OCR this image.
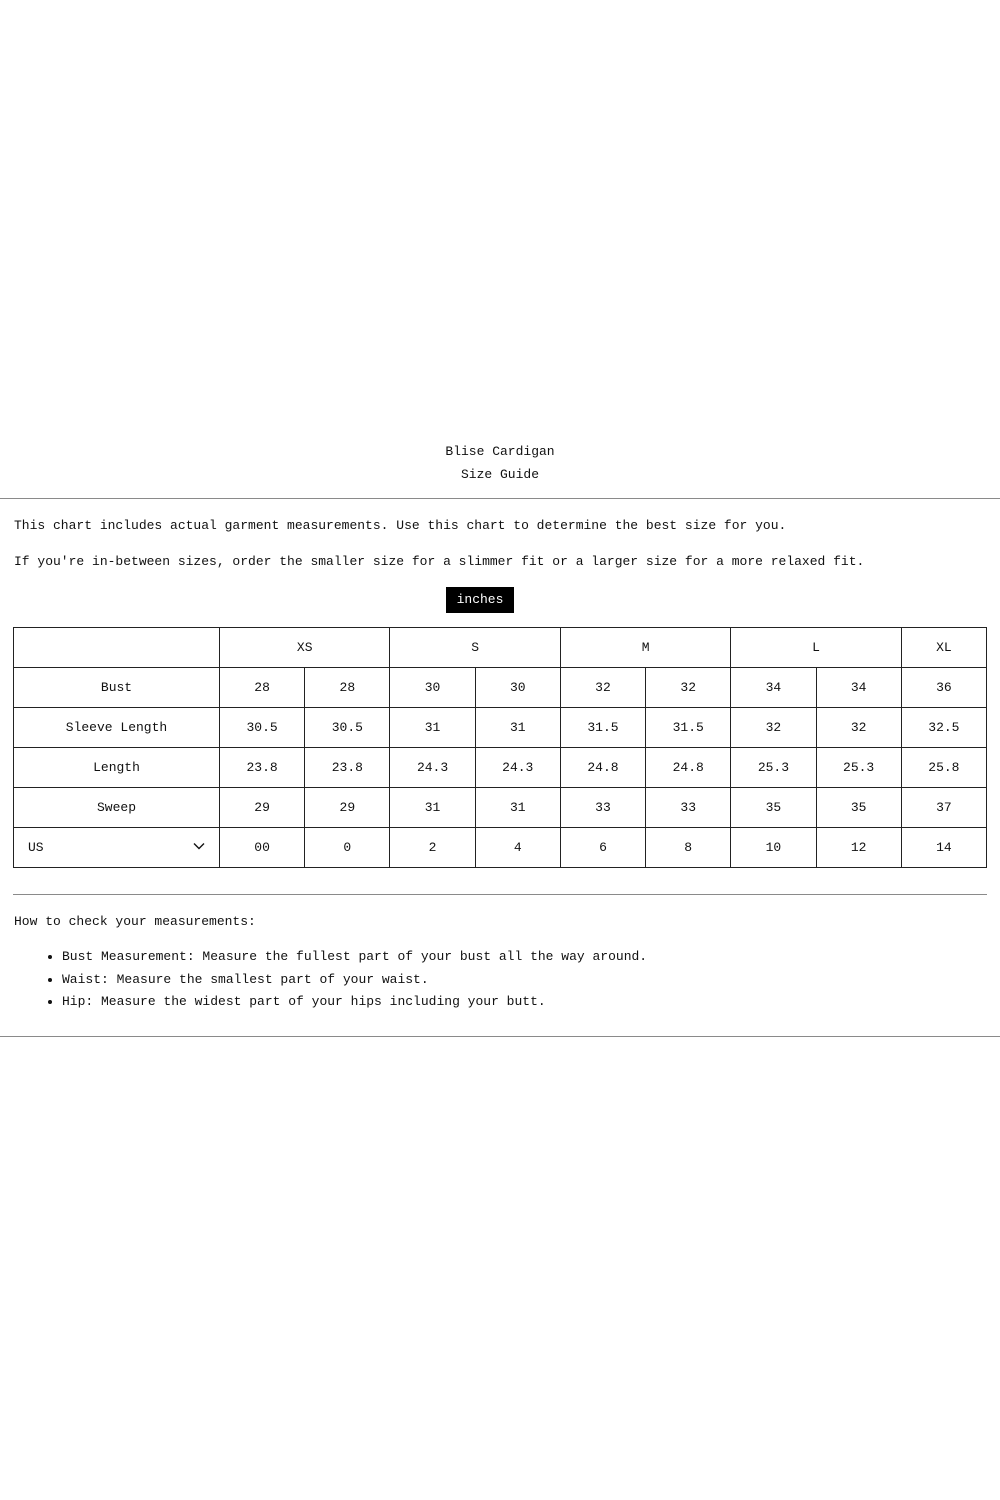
Blise Cardigan
Size Guide
This chart includes actual garment measurements. Use this chart to determine the best size for you.
If you're in-between sizes, order the smaller size for a slimmer fit or a larger size for a more relaxed fit.
inches
	XS		S		M		L		XL
Bust	28	28	30	30	32	32	34	34	36
Sleeve Length	30.5	30.5	31	31	31.5	31.5	32	32	32.5
Length	23.8	23.8	24.3	24.3	24.8	24.8	25.3	25.3	25.8
Sweep	29	29	31	31	33	33	35	35	37
US	00	0	2	4	6	8	10	12	14
How to check your measurements:
• Bust Measurement: Measure the fullest part of your bust all the way around.
• Waist: Measure the smallest part of your waist.
• Hip: Measure the widest part of your hips including your butt.
